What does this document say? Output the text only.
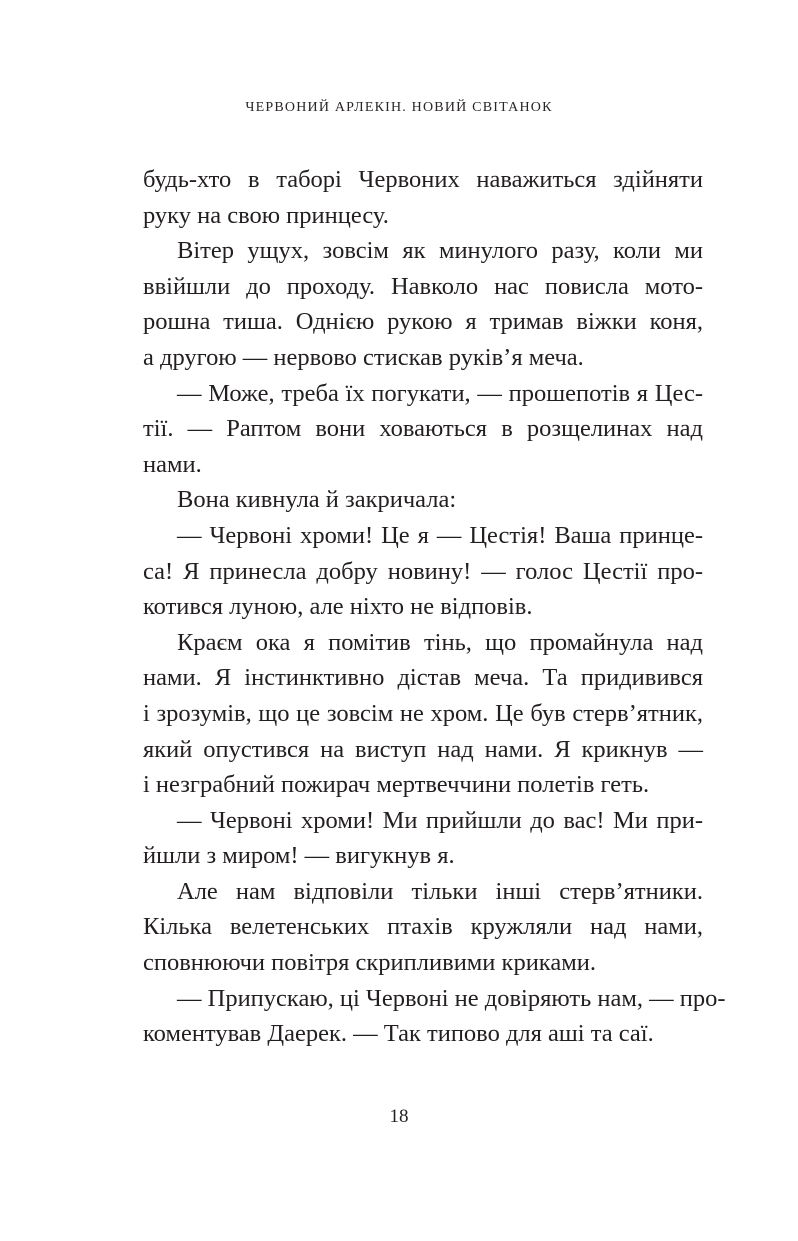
ЧЕРВОНИЙ АРЛЕКІН. НОВИЙ СВІТАНОК
будь-хто в таборі Червоних наважиться здійняти
руку на свою принцесу.
Вітер ущух, зовсім як минулого разу, коли ми
ввійшли до проходу. Навколо нас повисла мото-
рошна тиша. Однією рукою я тримав віжки коня,
а другою — нервово стискав руків’я меча.
— Може, треба їх погукати, — прошепотів я Цес-
тії. — Раптом вони ховаються в розщелинах над
нами.
Вона кивнула й закричала:
— Червоні хроми! Це я — Цестія! Ваша принце-
са! Я принесла добру новину! — голос Цестії про-
котився луною, але ніхто не відповів.
Краєм ока я помітив тінь, що промайнула над
нами. Я інстинктивно дістав меча. Та придивився
і зрозумів, що це зовсім не хром. Це був стерв’ятник,
який опустився на виступ над нами. Я крикнув —
і незграбний пожирач мертвеччини полетів геть.
— Червоні хроми! Ми прийшли до вас! Ми при-
йшли з миром! — вигукнув я.
Але нам відповіли тільки інші стерв’ятники.
Кілька велетенських птахів кружляли над нами,
сповнюючи повітря скрипливими криками.
— Припускаю, ці Червоні не довіряють нам, — про-
коментував Даерек. — Так типово для аші та саї.
18
